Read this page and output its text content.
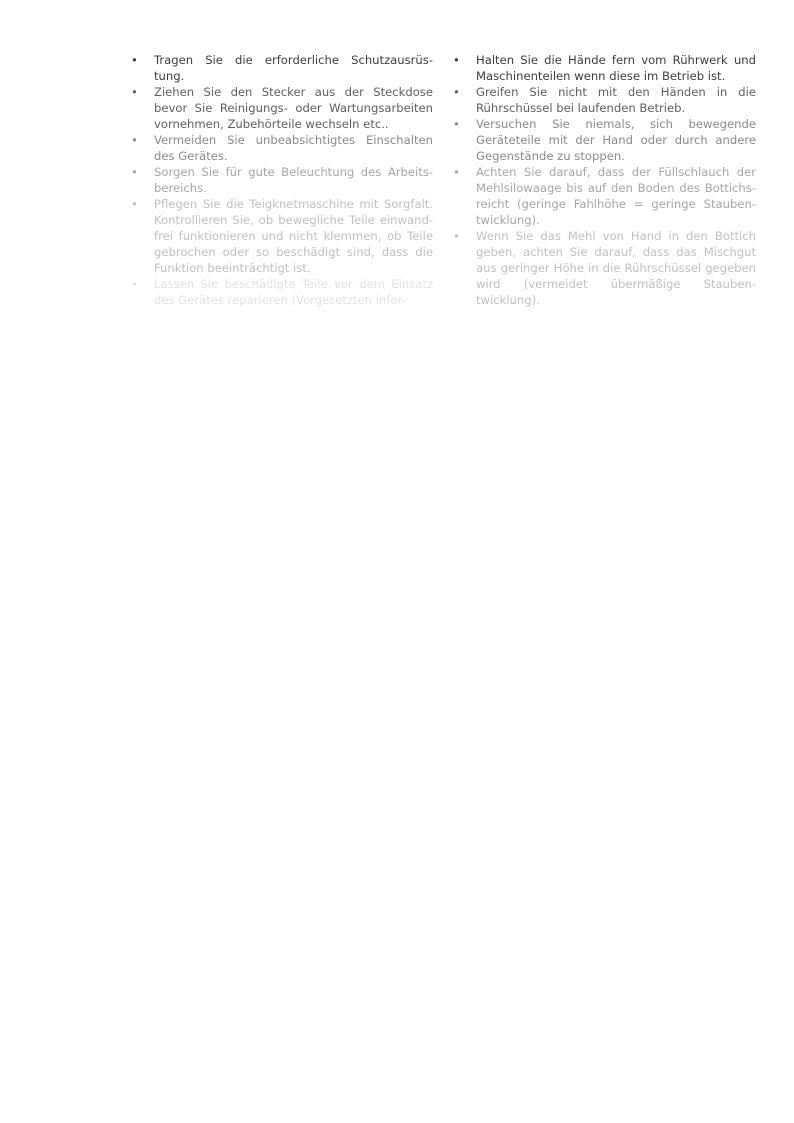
• Tragen Sie die erforderliche Schutzausrüs- tung.
• Ziehen Sie den Stecker aus der Steckdose bevor Sie Reinigungs- oder Wartungsarbeiten vornehmen, Zubehörteile wechseln etc..
• Vermeiden Sie unbeabsichtigtes Einschalten des Gerätes.
• Sorgen Sie für gute Beleuchtung des Arbeits- bereichs.
• Pflegen Sie die Teigknetmaschine mit Sorgfalt. Kontrollieren Sie, ob bewegliche Teile einwand- frei funktionieren und nicht klemmen, ob Teile gebrochen oder so beschädigt sind, dass die Funktion beeinträchtigt ist.
• Lassen Sie beschädigte Teile vor dem Einsatz des Gerätes reparieren (Vorgesetzten infor-
• Halten Sie die Hände fern vom Rührwerk und Maschinenteilen wenn diese im Betrieb ist.
• Greifen Sie nicht mit den Händen in die Rührschüssel bei laufenden Betrieb.
• Versuchen Sie niemals, sich bewegende Geräteteile mit der Hand oder durch andere Gegenstände zu stoppen.
• Achten Sie darauf, dass der Füllschlauch der Mehlsilowaage bis auf den Boden des Bottichs- reicht (geringe Fahlhöhe = geringe Stauben- twicklung).
• Wenn Sie das Mehl von Hand in den Bottich geben, achten Sie darauf, dass das Mischgut aus geringer Höhe in die Rührschüssel gegeben wird (vermeidet übermäßige Stauben- twicklung).
